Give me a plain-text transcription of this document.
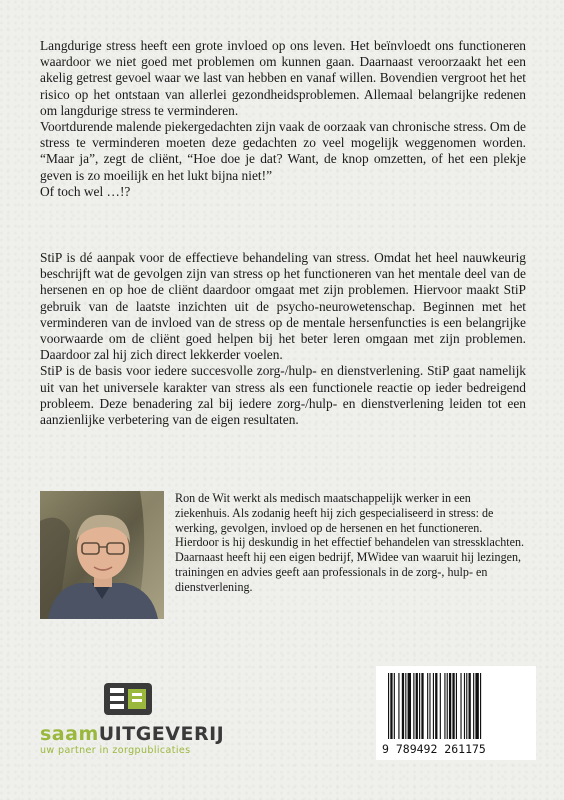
Langdurige stress heeft een grote invloed op ons leven. Het beïnvloedt ons functioneren waardoor we niet goed met problemen om kunnen gaan. Daarnaast veroorzaakt het een akelig getrest gevoel waar we last van hebben en vanaf willen. Bovendien vergroot het het risico op het ontstaan van allerlei gezondheidsproblemen. Allemaal belangrijke redenen om langdurige stress te verminderen.

Voortdurende malende piekergedachten zijn vaak de oorzaak van chronische stress. Om de stress te verminderen moeten deze gedachten zo veel mogelijk weggenomen worden. “Maar ja”, zegt de cliënt, “Hoe doe je dat? Want, de knop omzetten, of het een plekje geven is zo moeilijk en het lukt bijna niet!”

Of toch wel …!?

StiP is dé aanpak voor de effectieve behandeling van stress. Omdat het heel nauwkeurig beschrijft wat de gevolgen zijn van stress op het functioneren van het mentale deel van de hersenen en op hoe de cliënt daardoor omgaat met zijn problemen. Hiervoor maakt StiP gebruik van de laatste inzichten uit de psycho-neurowetenschap. Beginnen met het verminderen van de invloed van de stress op de mentale hersenfuncties is een belangrijke voorwaarde om de cliënt goed helpen bij het beter leren omgaan met zijn problemen. Daardoor zal hij zich direct lekkerder voelen.

StiP is de basis voor iedere succesvolle zorg-/hulp- en dienstverlening. StiP gaat namelijk uit van het universele karakter van stress als een functionele reactie op ieder bedreigend probleem. Deze benadering zal bij iedere zorg-/hulp- en dienstverlening leiden tot een aanzienlijke verbetering van de eigen resultaten.

Ron de Wit werkt als medisch maatschappelijk werker in een ziekenhuis. Als zodanig heeft hij zich gespecialiseerd in stress: de werking, gevolgen, invloed op de hersenen en het functioneren. Hierdoor is hij deskundig in het effectief behandelen van stressklachten. Daarnaast heeft hij een eigen bedrijf, MWidee van waaruit hij lezingen, trainingen en advies geeft aan professionals in de zorg-, hulp- en dienstverlening.

saamUITGEVERIJ
uw partner in zorgpublicaties	9 789492 261175
